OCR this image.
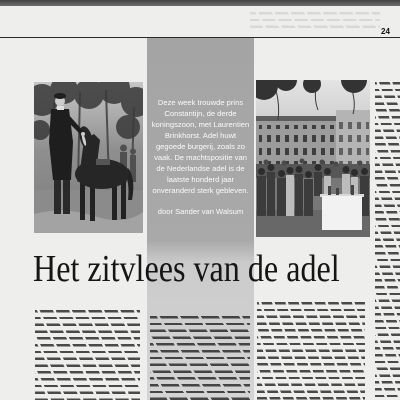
24
Deze week trouwde prins
Constantijn, de derde
koningszoon, met Laurentien
Brinkhorst. Adel huwt
gegoede burgerij, zoals zo
vaak. De machtspositie van
de Nederlandse adel is de
laatste honderd jaar
onveranderd sterk gebleven.
door Sander van Walsum
Het zitvlees van de adel
